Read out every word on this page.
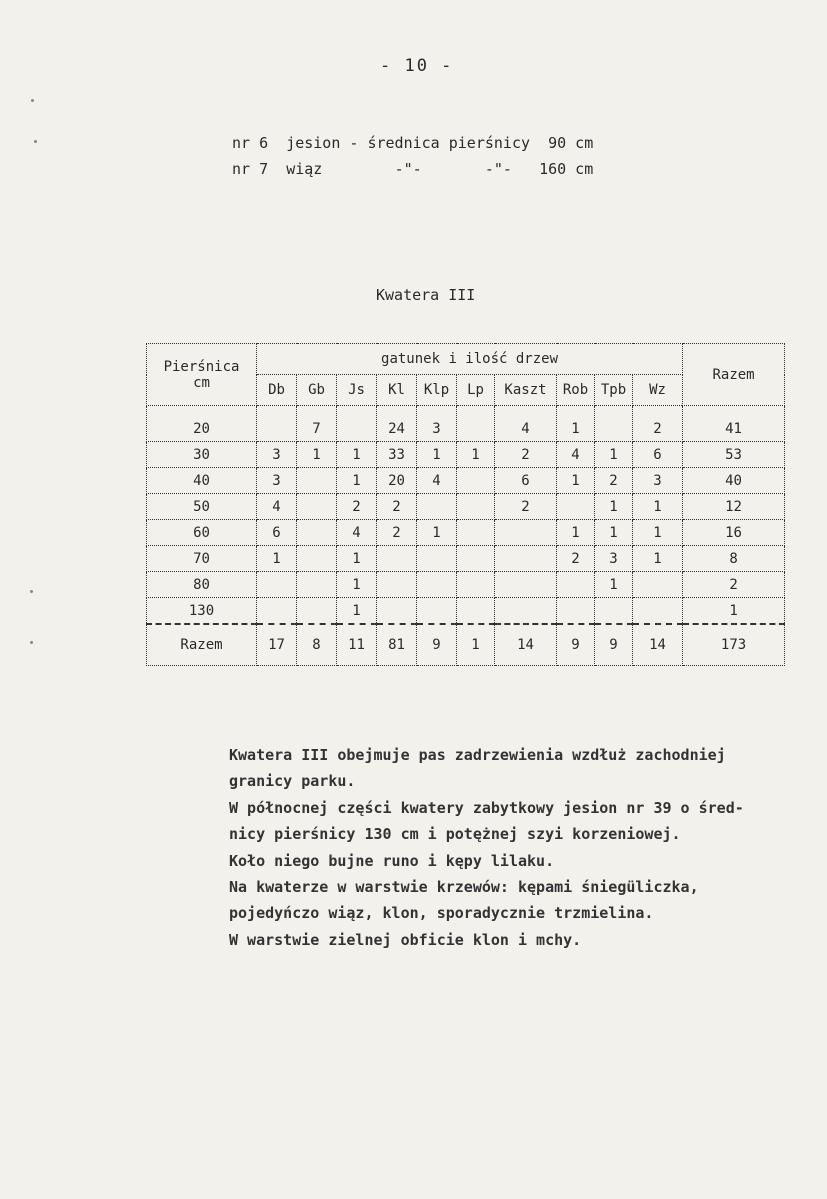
- 10 -
nr 6 jesion - średnica pierśnicy 90 cm
nr 7 wiąz	-"-	-"- 160 cm
Kwatera III
Pierśnica
cm	gatunek i ilość drzew										Razem
	Db	Gb	Js	Kl	Klp	Lp	Kaszt	Rob	Tpb	Wz	
20		7		24	3		4	1		2	41
30	3	1	1	33	1	1	2	4	1	6	53
40	3		1	20	4		6	1	2	3	40
50	4		2	2			2		1	1	12
60	6		4	2	1			1	1	1	16
70	1		1					2	3	1	8
80			1						1		2
130			1								1
Razem	17	8	11	81	9	1	14	9	9	14	173

Kwatera III obejmuje pas zadrzewienia wzdłuż zachodniej

granicy parku.

W północnej części kwatery zabytkowy jesion nr 39 o śred-

nicy pierśnicy 130 cm i potężnej szyi korzeniowej.

Koło niego bujne runo i kępy lilaku.

Na kwaterze w warstwie krzewów: kępami śniegüliczka,

pojedyńczo wiąz, klon, sporadycznie trzmielina.

W warstwie zielnej obficie klon i mchy.
